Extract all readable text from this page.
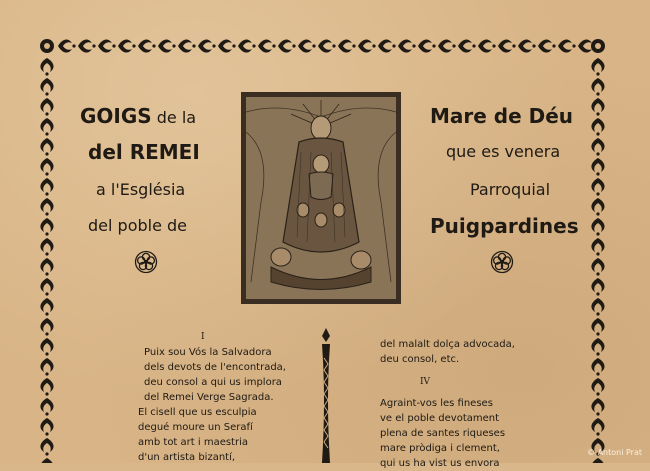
GOIGS de la
del REMEI
a l'Església
del poble de
Mare de Déu
que es venera
Parroquial
Puigpardines
I
Puix sou Vós la Salvadora
dels devots de l'encontrada,
deu consol a qui us implora
del Remei Verge Sagrada.
El cisell que us esculpia
degué moure un Serafí
amb tot art i maestria
d'un artista bizantí,
del malalt dolça advocada,
deu consol, etc.
IV
Agraint-vos les fineses
ve el poble devotament
plena de santes riqueses
mare pròdiga i clement,
qui us ha vist us envora
© Antoni Prat
